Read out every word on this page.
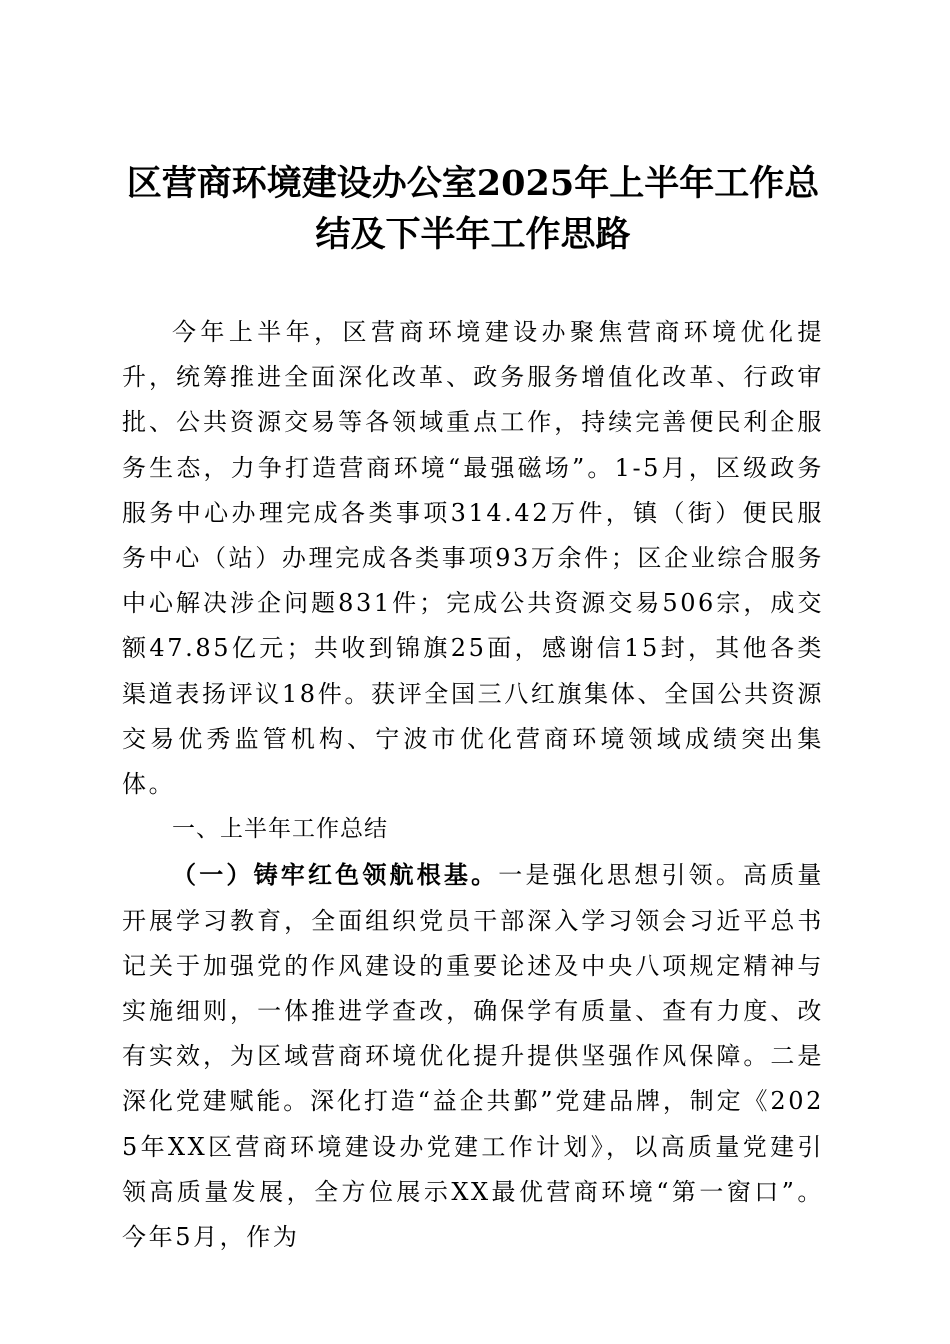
区营商环境建设办公室2025年上半年工作总
结及下半年工作思路

今年上半年，区营商环境建设办聚焦营商环境优化提升，统筹推进全面深化改革、政务服务增值化改革、行政审批、公共资源交易等各领域重点工作，持续完善便民利企服务生态，力争打造营商环境“最强磁场”。1-5月，区级政务服务中心办理完成各类事项314.42万件，镇（街）便民服务中心（站）办理完成各类事项93万余件；区企业综合服务中心解决涉企问题831件；完成公共资源交易506宗，成交额47.85亿元；共收到锦旗25面，感谢信15封，其他各类渠道表扬评议18件。获评全国三八红旗集体、全国公共资源交易优秀监管机构、宁波市优化营商环境领域成绩突出集体。

一、上半年工作总结

（一）铸牢红色领航根基。一是强化思想引领。高质量开展学习教育，全面组织党员干部深入学习领会习近平总书记关于加强党的作风建设的重要论述及中央八项规定精神与实施细则，一体推进学查改，确保学有质量、查有力度、改有实效，为区域营商环境优化提升提供坚强作风保障。二是深化党建赋能。深化打造“益企共鄞”党建品牌，制定《2025年XX区营商环境建设办党建工作计划》，以高质量党建引领高质量发展，全方位展示XX最优营商环境“第一窗口”。今年5月，作为
